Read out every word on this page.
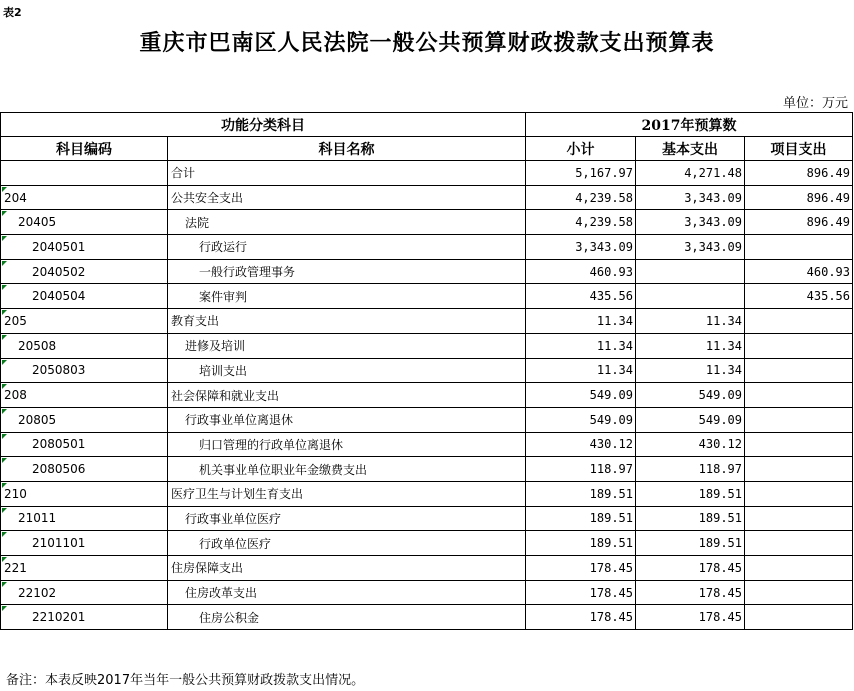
表2
重庆市巴南区人民法院一般公共预算财政拨款支出预算表
单位：万元
功能分类科目		2017年预算数		
科目编码	科目名称	小计	基本支出	项目支出
	合计	5,167.97	4,271.48	896.49
204	公共安全支出	4,239.58	3,343.09	896.49
20405	法院	4,239.58	3,343.09	896.49
2040501	行政运行	3,343.09	3,343.09	
2040502	一般行政管理事务	460.93		460.93
2040504	案件审判	435.56		435.56
205	教育支出	11.34	11.34	
20508	进修及培训	11.34	11.34	
2050803	培训支出	11.34	11.34	
208	社会保障和就业支出	549.09	549.09	
20805	行政事业单位离退休	549.09	549.09	
2080501	归口管理的行政单位离退休	430.12	430.12	
2080506	机关事业单位职业年金缴费支出	118.97	118.97	
210	医疗卫生与计划生育支出	189.51	189.51	
21011	行政事业单位医疗	189.51	189.51	
2101101	行政单位医疗	189.51	189.51	
221	住房保障支出	178.45	178.45	
22102	住房改革支出	178.45	178.45	
2210201	住房公积金	178.45	178.45	
备注：本表反映2017年当年一般公共预算财政拨款支出情况。
